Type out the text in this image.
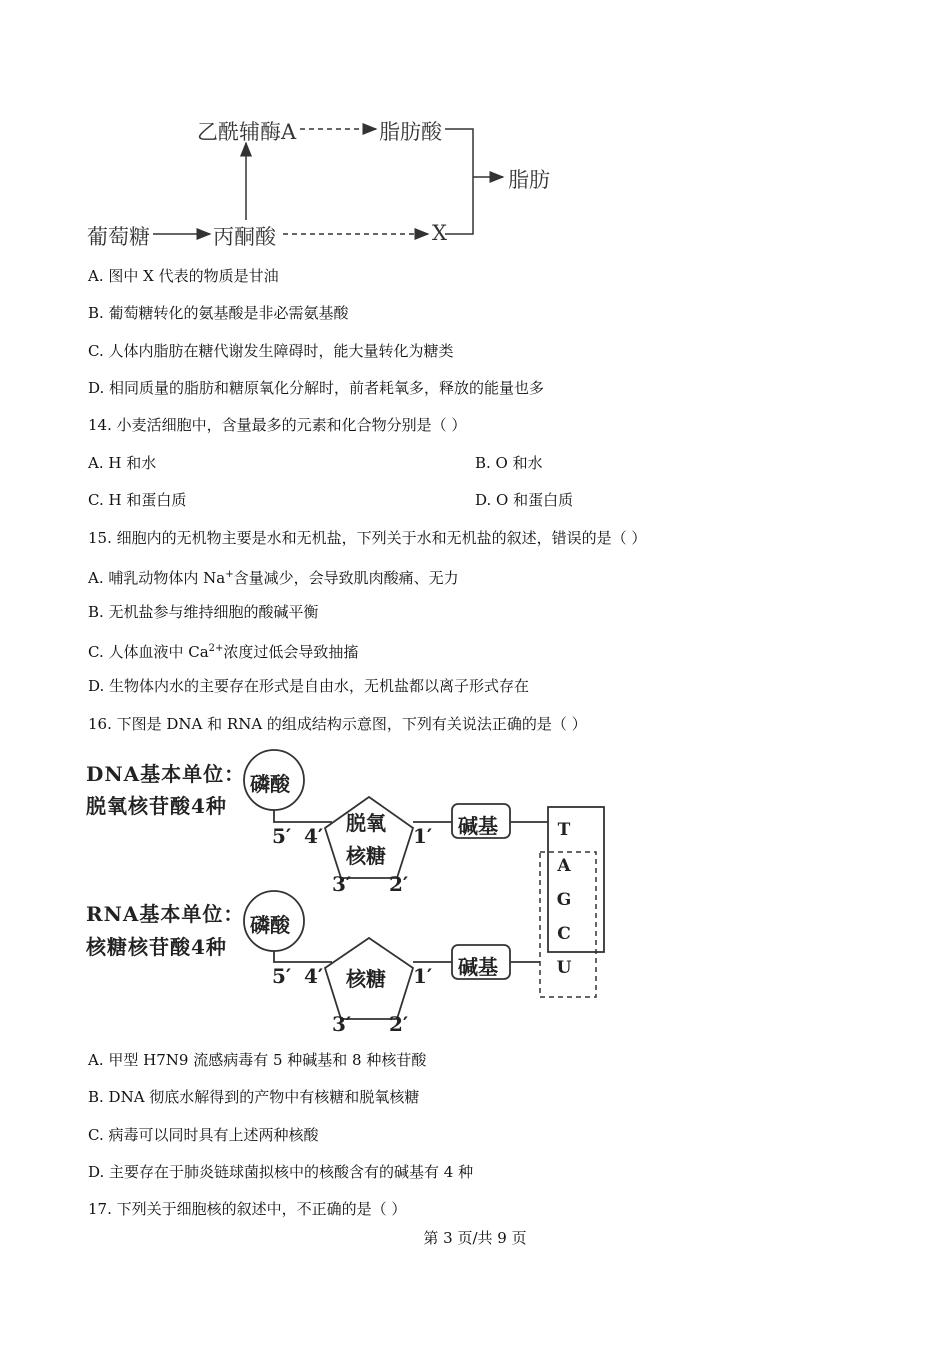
乙酰辅酶A	脂肪酸
脂肪
葡萄糖	丙酮酸	X
A. 图中 X 代表的物质是甘油
B. 葡萄糖转化的氨基酸是非必需氨基酸
C. 人体内脂肪在糖代谢发生障碍时，能大量转化为糖类
D. 相同质量的脂肪和糖原氧化分解时，前者耗氧多，释放的能量也多
14. 小麦活细胞中，含量最多的元素和化合物分别是（ ）
A. H 和水	B. O 和水
C. H 和蛋白质	D. O 和蛋白质
15. 细胞内的无机物主要是水和无机盐，下列关于水和无机盐的叙述，错误的是（ ）
A. 哺乳动物体内 Na+含量减少，会导致肌肉酸痛、无力
B. 无机盐参与维持细胞的酸碱平衡
C. 人体血液中 $Ca^{2+}$浓度过低会导致抽搐
D. 生物体内水的主要存在形式是自由水，无机盐都以离子形式存在
16. 下图是 DNA 和 RNA 的组成结构示意图，下列有关说法正确的是（ ）
DNA基本单位：
脱氧核苷酸4种
RNA基本单位：
核糖核苷酸4种
磷酸
磷酸
脱氧
核糖
核糖
碱基
碱基
5′ 4′	1′
3′ 2′
5′ 4′	1′
3′ 2′
T
A
G
C
U
A. 甲型 H7N9 流感病毒有 5 种碱基和 8 种核苷酸
B. DNA 彻底水解得到的产物中有核糖和脱氧核糖
C. 病毒可以同时具有上述两种核酸
D. 主要存在于肺炎链球菌拟核中的核酸含有的碱基有 4 种
17. 下列关于细胞核的叙述中，不正确的是（ ）
第 3 页/共 9 页
